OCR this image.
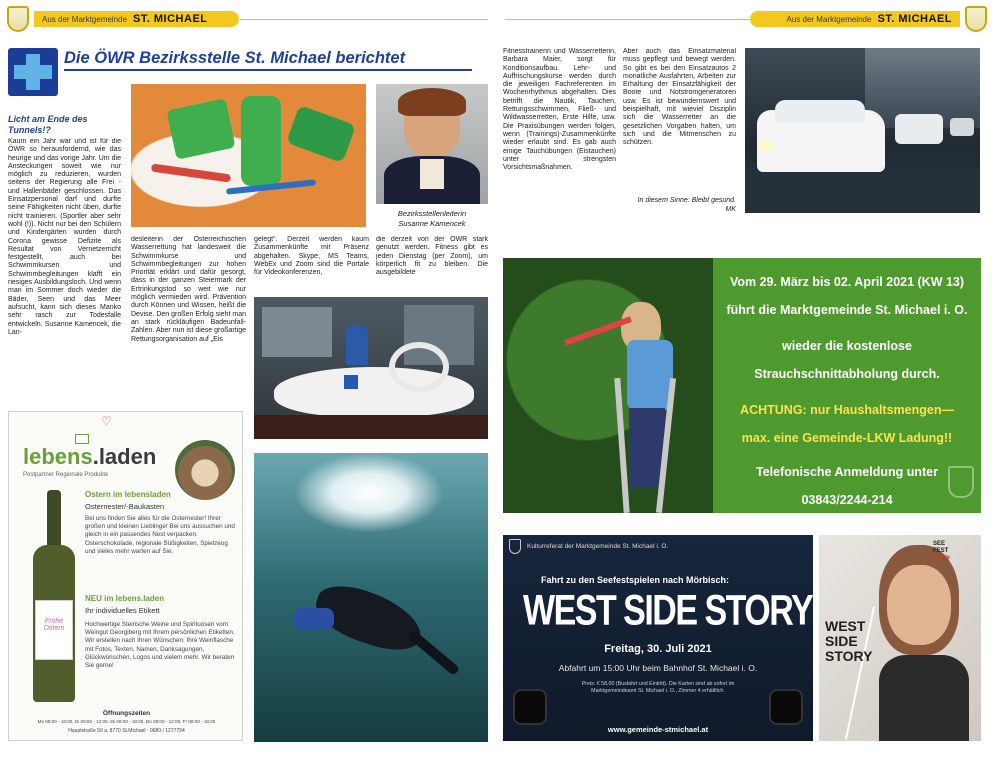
Aus der Marktgemeinde ST. MICHAEL	Aus der Marktgemeinde ST. MICHAEL
Die ÖWR Bezirksstelle St. Michael berichtet
Licht am Ende des Tunnels!?
Kaum ein Jahr war und ist für die ÖWR so herausfordernd, wie das heurige und das vorige Jahr. Um die Ansteckungen soweit wie nur möglich zu reduzieren, wurden seitens der Regierung alle Frei - und Hallenbäder geschlossen. Das Einsatzpersonal darf und durfte seine Fähigkeiten nicht üben, durfte nicht trainieren. (Sportler aber sehr wohl (!)). Nicht nur bei den Schülern und Kindergärten wurden durch Corona gewisse Defizite als Resultat von Vernetzerricht festgestellt, auch bei Schwimmkursen und Schwimmbegleitungen klafft ein riesiges Ausbildungsloch. Und wenn man im Sommer doch wieder die Bäder, Seen und das Meer aufsucht, kann sich dieses Manko sehr rasch zur Todesfalle entwickeln. Susanne Kamencek, die Lan-
Bezirksstellenleiterin
Susanne Kamencek
desleiterin der Österreichischen Wasserrettung hat landesweit die Schwimmkurse und Schwimmbegleitungen zur hohen Priorität erklärt und dafür gesorgt, dass in der ganzen Steiermark der Ertrinkungstod so weit wie nur möglich vermieden wird. Prävention durch Können und Wissen, heißt die Devise. Den großen Erfolg sieht man an stark rückläufigen Badeunfall-Zahlen. Aber nun ist diese großartige Rettungsorganisation auf „Eis
gelegt“. Derzeit werden kaum Zusammenkünfte mit Präsenz abgehalten. Skype, MS Teams, WebEx und Zoom sind die Portale für Videokonferenzen,
die derzeit von der ÖWR stark genutzt werden. Fitness gibt es jeden Dienstag (per Zoom), um körperlich fit zu bleiben. Die ausgebildete
♡
lebens.laden
Postpartner Regionale Produkte
Frohe Ostern
Ostern im lebensladen
Osternester/-Baukasten
Bei uns finden Sie alles für die Osternester! Ihrer großen und kleinen Lieblinge! Bei uns aussuchen und gleich in ein passendes Nest verpacken. Osterschokolade, regionale Süßigkeiten, Spielzeug und vieles mehr warten auf Sie.
NEU im lebens.laden
Ihr individuelles Etikett
Hochwertige Steirische Weine und Spirituosen vom Weingut Georgiberg mit Ihrem persönlichen Etiketten. Wir erstellen nach Ihren Wünschen: Ihre Weinflasche mit Fotos, Texten, Namen, Danksagungen, Glückwünschen, Logos und vielem mehr. Wir beraten Sie gerne!
Öffnungszeiten
Mo 08:00 - 18:00, Di 08:00 - 12:00, Mi 08:00 - 18:00, Do 08:00 - 12:00, Fr 08:00 - 18:00
Hauptstraße 50 a, 8770 St.Michael · 0680 / 1277794
Fitnesstrainerin und Wasserretterin, Barbara Maier, sorgt für Konditionsaufbau. Lehr- und Auffrischungskurse werden durch die jeweiligen Fachreferenten im Wochenrhythmus abgehalten. Dies betrifft die Nautik, Tauchen, Rettungsschwimmen, Fließ- und Wildwasserretten, Erste Hilfe, usw. Die Praxisübungen werden folgen, wenn (Trainings)-Zusammenkünfte wieder erlaubt sind. Es gab auch einige Tauchübungen (Eistauchen) unter strengsten Vorsichtsmaßnahmen.
Aber auch das Einsatzmaterial muss gepflegt und bewegt werden. So gibt es bei den Einsatzautos 2 monatliche Ausfahrten, Arbeiten zur Erhaltung der Einsatzfähigkeit der Boote und Notstromgeneratoren usw. Es ist bewundernswert und beispielhaft, mit wieviel Disziplin sich die Wasserretter an die gesetzlichen Vorgaben halten, um sich und die Mitmenschen zu schützen.
In diesem Sinne: Bleibt gesund.
MK
Vom 29. März bis 02. April 2021 (KW 13)
führt die Marktgemeinde St. Michael i. O.
wieder die kostenlose
Strauchschnittabholung durch.
ACHTUNG: nur Haushaltsmengen—
max. eine Gemeinde-LKW Ladung!!
Telefonische Anmeldung unter
03843/2244-214
Kulturreferat der Marktgemeinde St. Michael i. O.
Fahrt zu den Seefestspielen nach Mörbisch:
WEST SIDE STORY
Freitag, 30. Juli 2021
Abfahrt um 15:00 Uhr beim Bahnhof St. Michael i. O.
Preis: € 58,00 (Busfahrt und Eintritt). Die Karten sind ab sofort im Marktgemeindeamt St. Michael i. O., Zimmer 4 erhältlich.
www.gemeinde-stmichael.at
WEST SIDE STORY
SEE
FEST
spiele
